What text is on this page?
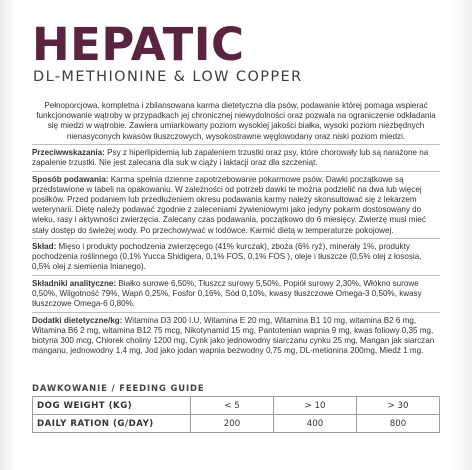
HEPATIC
DL-METHIONINE & LOW COPPER

Pełnoporcjowa, kompletna i zbilansowana karma dietetyczna dla psów, podawanie której pomaga wspierać funkcjonowanie wątroby w przypadkach jej chronicznej niewydolności oraz pozwala na ograniczenie odkładania się miedzi w wątrobie. Zawiera umiarkowany poziom wysokiej jakości białka, wysoki poziom niezbędnych nienasyconych kwasów tłuszczowych, wysokostrawne węglowodany oraz niski poziom miedzi.

Przeciwwskazania: Psy z hiperlipidemią lub zapaleniem trzustki oraz psy, które chorowały lub są narażone na zapalenie trzustki. Nie jest zalecana dla suk w ciąży i laktacji oraz dla szczeniąt.

Sposób podawania: Karma spełnia dzienne zapotrzebowanie pokarmowe psów. Dawki początkowe są przedstawione w tabeli na opakowaniu. W zależności od potrzeb dawki te można podzielić na dwa lub więcej posiłków. Przed podaniem lub przedłużeniem okresu podawania karmy należy skonsultować się z lekarzem weterynarii. Dietę należy podawać zgodnie z zaleceniami żywieniowymi jako jedyny pokarm dostosowany do wieku, rasy i aktywności zwierzęcia. Zalecany czas podawania, początkowo do 6 miesięcy. Zwierzę musi mieć stały dostęp do świeżej wody. Po przechowywać w lodówce. Karmić dietą w temperaturze pokojowej.

Skład: Mięso i produkty pochodzenia zwierzęcego (41% kurczak), zboża (6% ryż), minerały 1%, produkty pochodzenia roślinnego (0,1% Yucca Shidigera, 0,1% FOS, 0,1% FOS ), oleje i tłuszcze (0,5% olej z łososia, 0,5% olej z siemienia lnianego).

Składniki analityczne: Białko surowe 6,50%, Tłuszcz surowy 5,50%, Popiół surowy 2,30%, Włókno surowe 0,50%, Wilgotność 79%, Wapń 0,25%, Fosfor 0,16%, Sód 0,10%, kwasy tłuszczowe Omega-3 0,50%, kwasy tłuszczowe Omega-6 0,80%.

Dodatki dietetyczne/kg: Witamina D3 200 I.U, Witamina E 20 mg, Witamina B1 10 mg, witamina B2 6 mg, Witamina B6 2 mg, witamina B12 75 mcg, Nikotynamid 15 mg, Pantotenian wapnia 9 mg, kwas foliowy 0,35 mg, biotyna 300 mcg, Chlorek choliny 1200 mg, Cynk jako jednowodny siarczanu cynku 25 mg, Mangan jak siarczan manganu, jednowodny 1,4 mg, Jod jako jodan wapnia bezwodny 0,75 mg, DL-metionina 200mg, Miedź 1 mg.

DAWKOWANIE / FEEDING GUIDE
DOG WEIGHT (KG)	< 5	> 10	> 30
DAILY RATION (G/DAY)	200	400	800
